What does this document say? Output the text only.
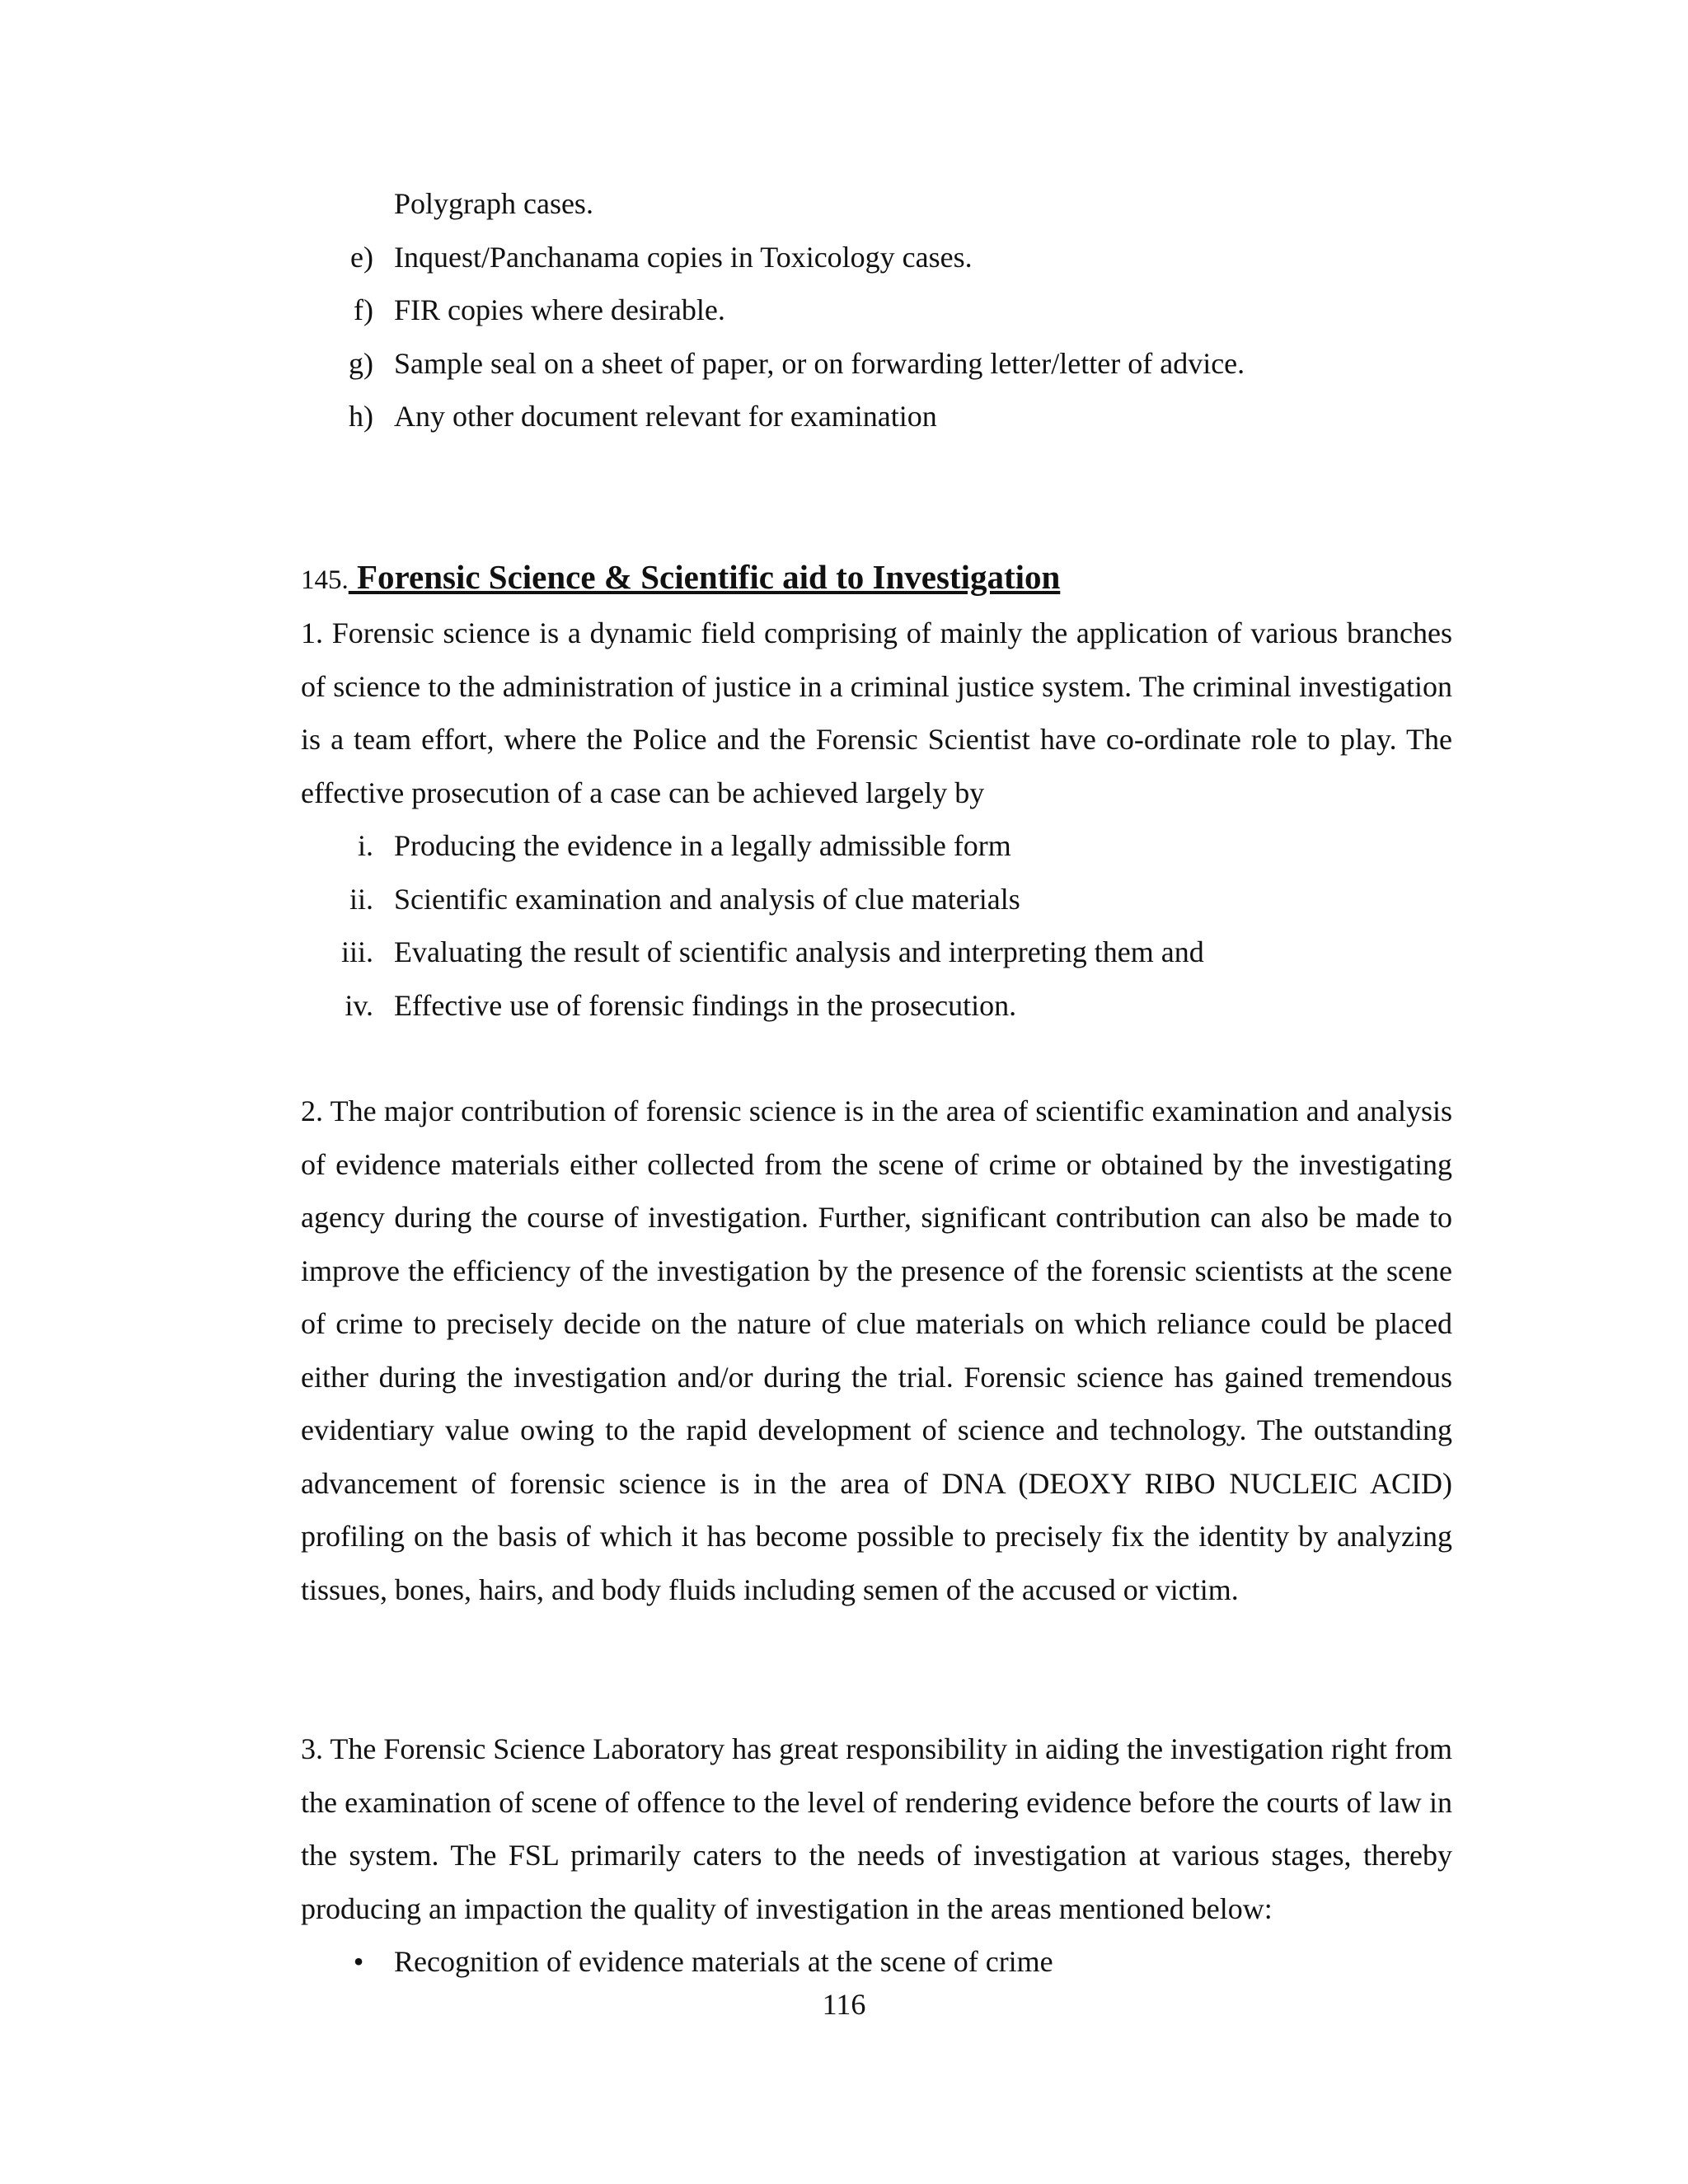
Polygraph cases.
e) Inquest/Panchanama copies in Toxicology cases.
f) FIR copies where desirable.
g) Sample seal on a sheet of paper, or on forwarding letter/letter of advice.
h) Any other document relevant for examination
145. Forensic Science & Scientific aid to Investigation

1. Forensic science is a dynamic field comprising of mainly the application of various branches of science to the administration of justice in a criminal justice system. The criminal investigation is a team effort, where the Police and the Forensic Scientist have co-ordinate role to play. The effective prosecution of a case can be achieved largely by

i. Producing the evidence in a legally admissible form
ii. Scientific examination and analysis of clue materials
iii. Evaluating the result of scientific analysis and interpreting them and
iv. Effective use of forensic findings in the prosecution.

2. The major contribution of forensic science is in the area of scientific examination and analysis of evidence materials either collected from the scene of crime or obtained by the investigating agency during the course of investigation. Further, significant contribution can also be made to improve the efficiency of the investigation by the presence of the forensic scientists at the scene of crime to precisely decide on the nature of clue materials on which reliance could be placed either during the investigation and/or during the trial. Forensic science has gained tremendous evidentiary value owing to the rapid development of science and technology. The outstanding advancement of forensic science is in the area of DNA (DEOXY RIBO NUCLEIC ACID) profiling on the basis of which it has become possible to precisely fix the identity by analyzing tissues, bones, hairs, and body fluids including semen of the accused or victim.

3. The Forensic Science Laboratory has great responsibility in aiding the investigation right from the examination of scene of offence to the level of rendering evidence before the courts of law in the system. The FSL primarily caters to the needs of investigation at various stages, thereby producing an impaction the quality of investigation in the areas mentioned below:

• Recognition of evidence materials at the scene of crime
116
